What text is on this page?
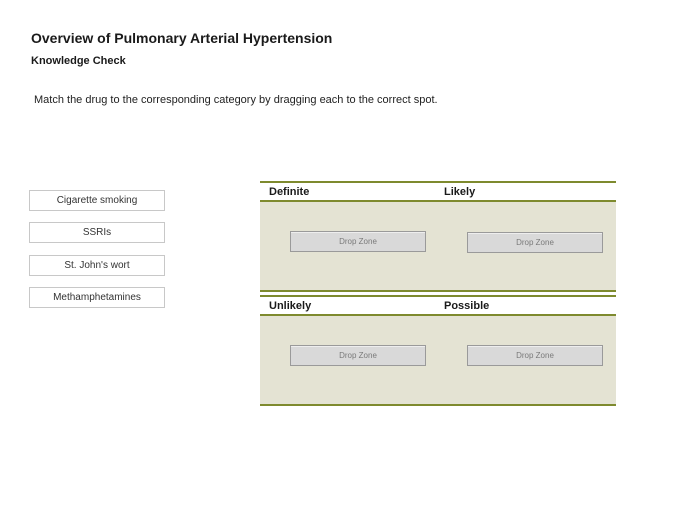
Overview of Pulmonary Arterial Hypertension
Knowledge Check
Match the drug to the corresponding category by dragging each to the correct spot.
Cigarette smoking
SSRIs
St. John's wort
Methamphetamines
Definite	Likely
Drop Zone	Drop Zone
Unlikely	Possible
Drop Zone	Drop Zone
